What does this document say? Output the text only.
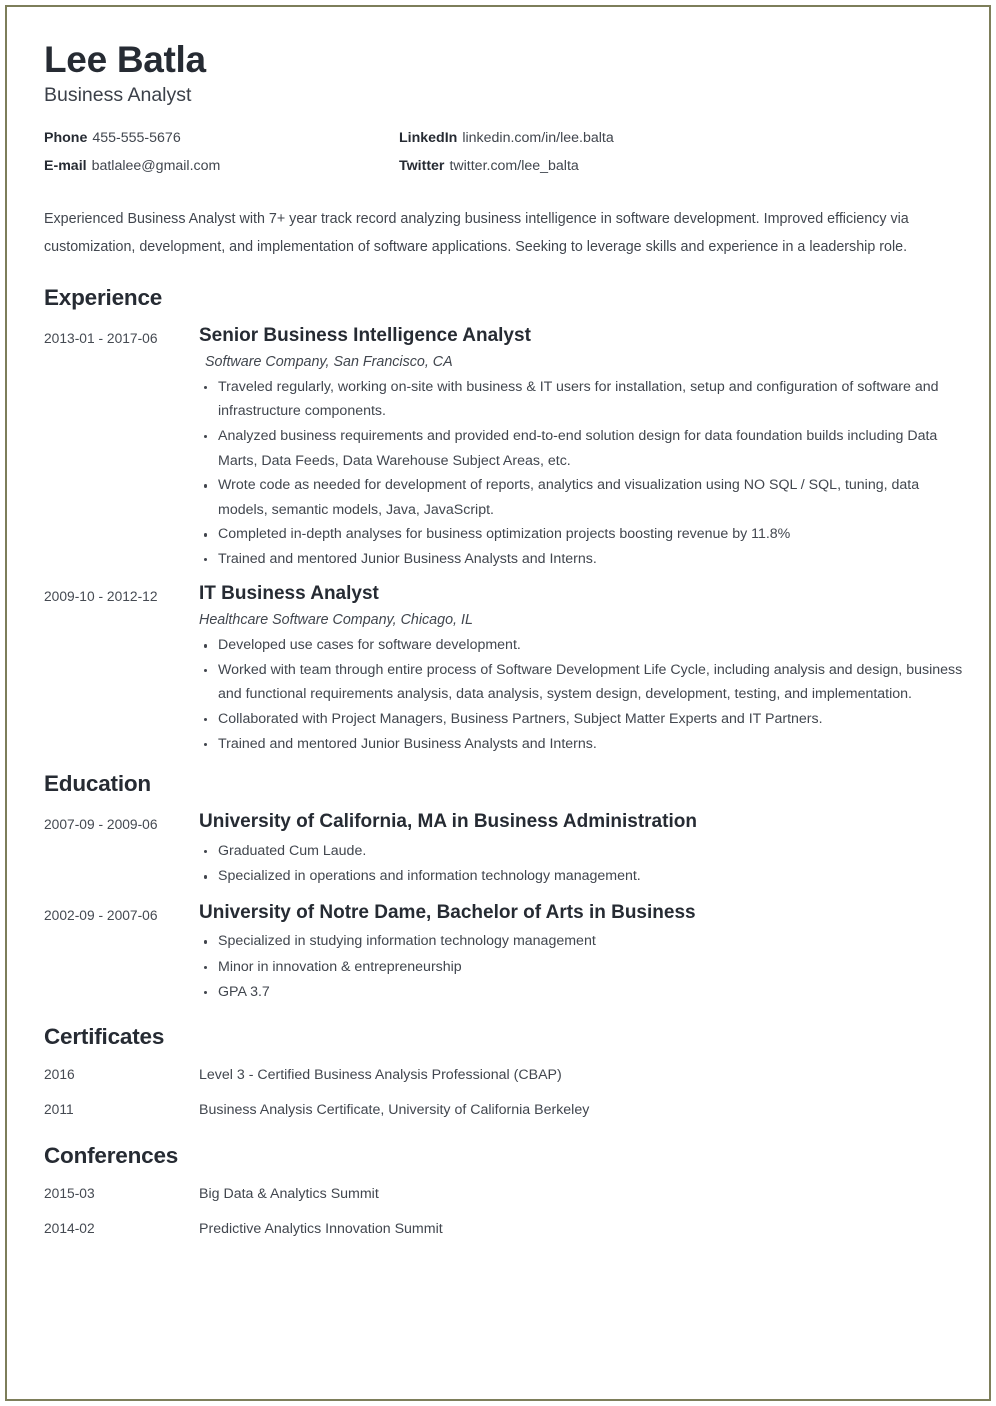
Lee Batla
Business Analyst
Phone 455-555-5676	LinkedIn linkedin.com/in/lee.balta
E-mail batlalee@gmail.com	Twitter twitter.com/lee_balta

Experienced Business Analyst with 7+ year track record analyzing business intelligence in software development. Improved efficiency via customization, development, and implementation of software applications. Seeking to leverage skills and experience in a leadership role.

Experience
2013-01 - 2017-06	Senior Business Intelligence Analyst
Software Company, San Francisco, CA
Traveled regularly, working on-site with business & IT users for installation, setup and configuration of software and infrastructure components.
Analyzed business requirements and provided end-to-end solution design for data foundation builds including Data Marts, Data Feeds, Data Warehouse Subject Areas, etc.
Wrote code as needed for development of reports, analytics and visualization using NO SQL / SQL, tuning, data models, semantic models, Java, JavaScript.
Completed in-depth analyses for business optimization projects boosting revenue by 11.8%
Trained and mentored Junior Business Analysts and Interns.
2009-10 - 2012-12	IT Business Analyst
Healthcare Software Company, Chicago, IL
Developed use cases for software development.
Worked with team through entire process of Software Development Life Cycle, including analysis and design, business and functional requirements analysis, data analysis, system design, development, testing, and implementation.
Collaborated with Project Managers, Business Partners, Subject Matter Experts and IT Partners.
Trained and mentored Junior Business Analysts and Interns.
Education
2007-09 - 2009-06	University of California, MA in Business Administration
Graduated Cum Laude.
Specialized in operations and information technology management.
2002-09 - 2007-06	University of Notre Dame, Bachelor of Arts in Business
Specialized in studying information technology management
Minor in innovation & entrepreneurship
GPA 3.7
Certificates
2016	Level 3 - Certified Business Analysis Professional (CBAP)
2011	Business Analysis Certificate, University of California Berkeley
Conferences
2015-03	Big Data & Analytics Summit
2014-02	Predictive Analytics Innovation Summit
